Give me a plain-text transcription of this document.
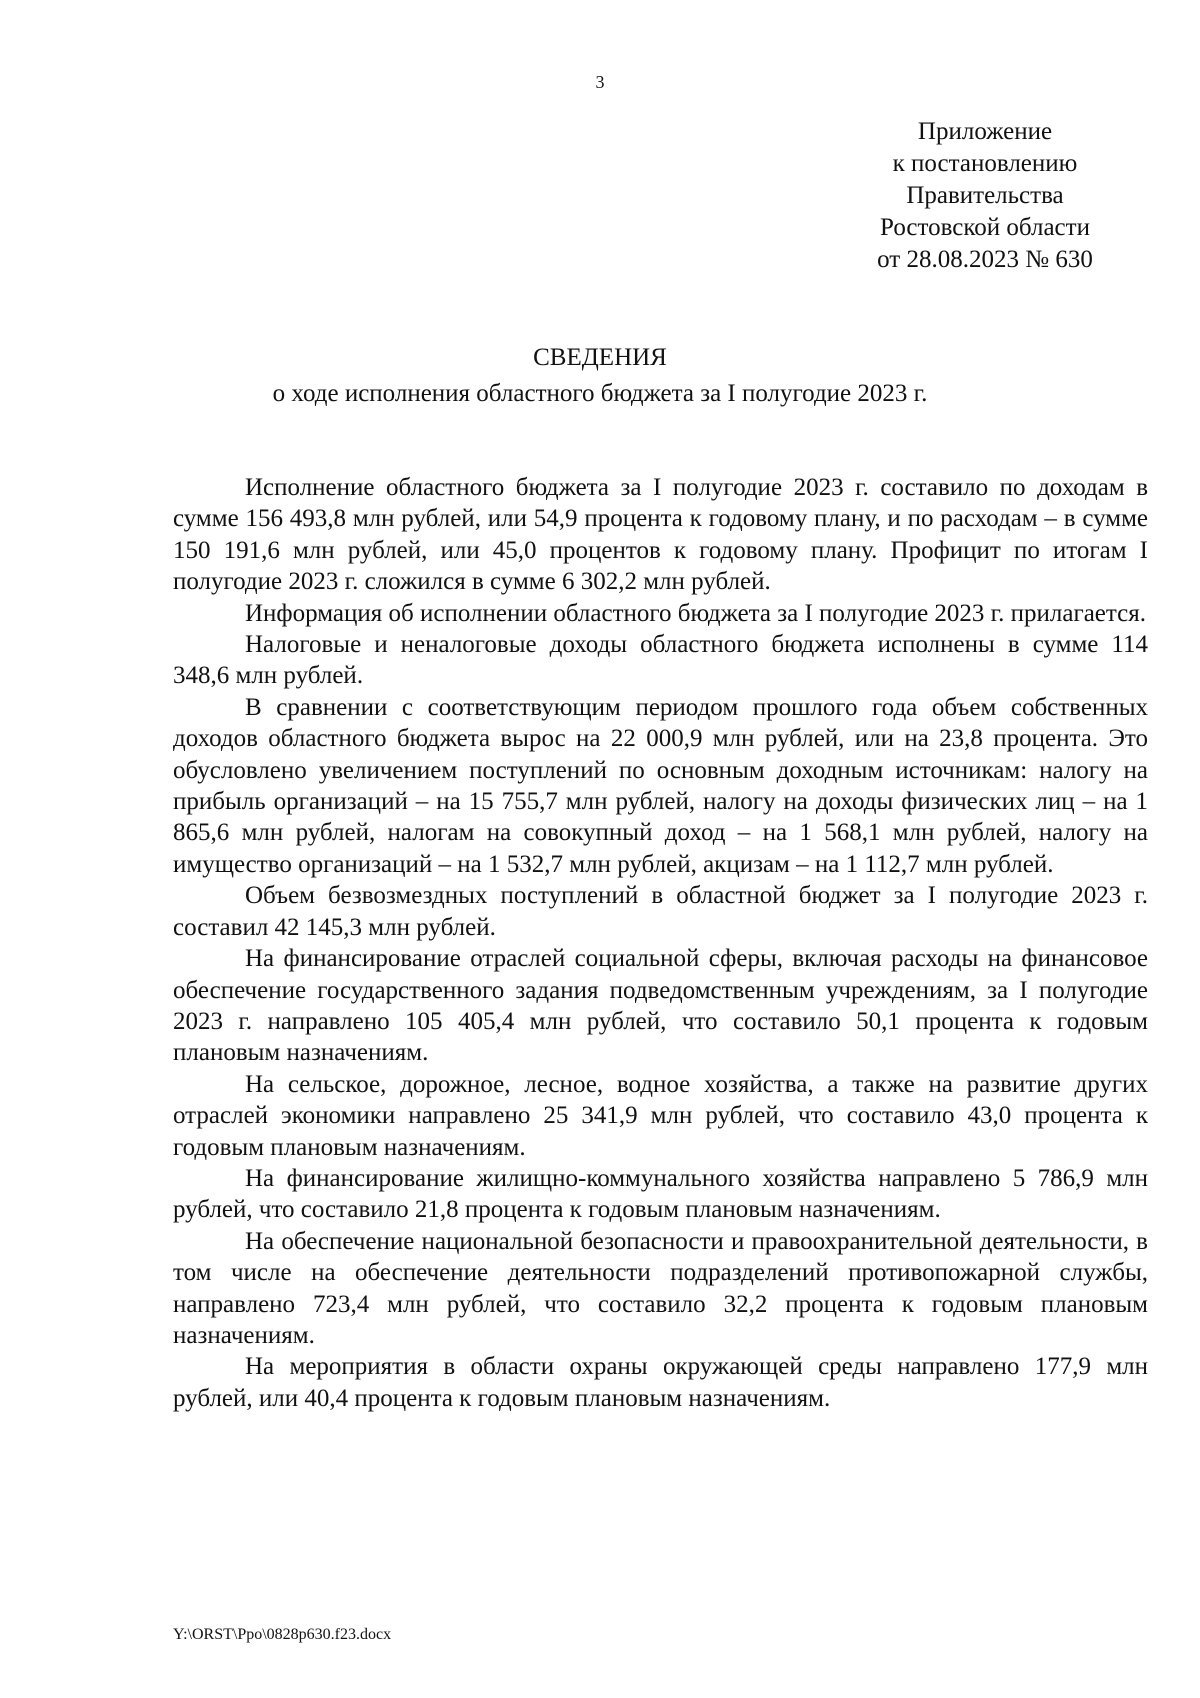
3
Приложение
к постановлению
Правительства
Ростовской области
от 28.08.2023 № 630
СВЕДЕНИЯ
о ходе исполнения областного бюджета за I полугодие 2023 г.

Исполнение областного бюджета за I полугодие 2023 г. составило по доходам в сумме 156 493,8 млн рублей, или 54,9 процента к годовому плану, и по расходам – в сумме 150 191,6 млн рублей, или 45,0 процентов к годовому плану. Профицит по итогам I полугодие 2023 г. сложился в сумме 6 302,2 млн рублей.

Информация об исполнении областного бюджета за I полугодие 2023 г. прилагается.

Налоговые и неналоговые доходы областного бюджета исполнены в сумме 114 348,6 млн рублей.

В сравнении с соответствующим периодом прошлого года объем собственных доходов областного бюджета вырос на 22 000,9 млн рублей, или на 23,8 процента. Это обусловлено увеличением поступлений по основным доходным источникам: налогу на прибыль организаций – на 15 755,7 млн рублей, налогу на доходы физических лиц – на 1 865,6 млн рублей, налогам на совокупный доход – на 1 568,1 млн рублей, налогу на имущество организаций – на 1 532,7 млн рублей, акцизам – на 1 112,7 млн рублей.

Объем безвозмездных поступлений в областной бюджет за I полугодие 2023 г. составил 42 145,3 млн рублей.

На финансирование отраслей социальной сферы, включая расходы на финансовое обеспечение государственного задания подведомственным учреждениям, за I полугодие 2023 г. направлено 105 405,4 млн рублей, что составило 50,1 процента к годовым плановым назначениям.

На сельское, дорожное, лесное, водное хозяйства, а также на развитие других отраслей экономики направлено 25 341,9 млн рублей, что составило 43,0 процента к годовым плановым назначениям.

На финансирование жилищно-коммунального хозяйства направлено 5 786,9 млн рублей, что составило 21,8 процента к годовым плановым назначениям.

На обеспечение национальной безопасности и правоохранительной деятельности, в том числе на обеспечение деятельности подразделений противопожарной службы, направлено 723,4 млн рублей, что составило 32,2 процента к годовым плановым назначениям.

На мероприятия в области охраны окружающей среды направлено 177,9 млн рублей, или 40,4 процента к годовым плановым назначениям.

Y:\ORST\Ppo\0828p630.f23.docx
